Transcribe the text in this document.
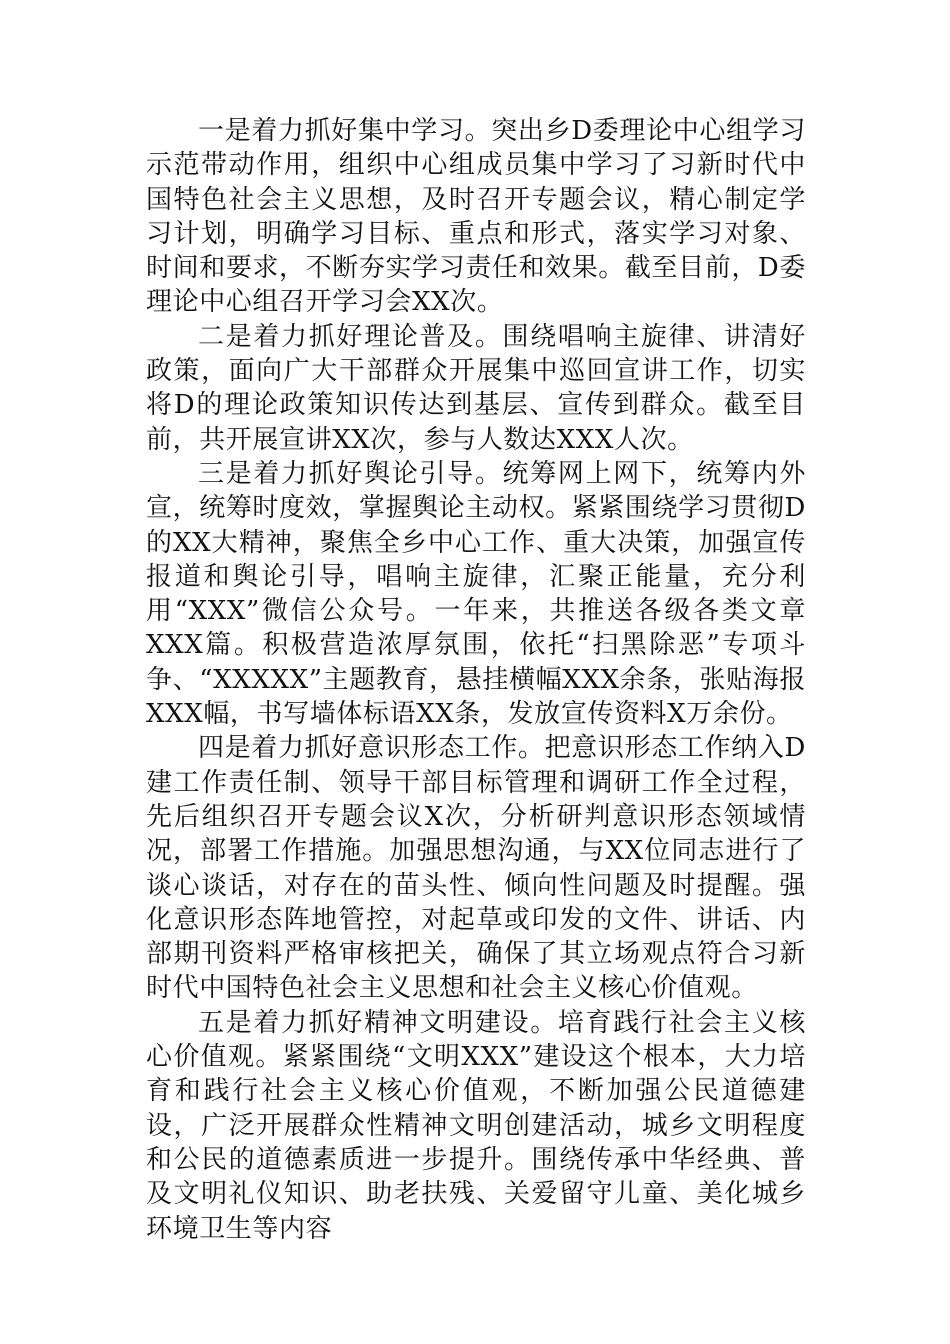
一是着力抓好集中学习。突出乡D委理论中心组学习示范带动作用，组织中心组成员集中学习了习新时代中国特色社会主义思想，及时召开专题会议，精心制定学习计划，明确学习目标、重点和形式，落实学习对象、时间和要求，不断夯实学习责任和效果。截至目前，D委理论中心组召开学习会XX次。

二是着力抓好理论普及。围绕唱响主旋律、讲清好政策，面向广大干部群众开展集中巡回宣讲工作，切实将D的理论政策知识传达到基层、宣传到群众。截至目前，共开展宣讲XX次，参与人数达XXX人次。

三是着力抓好舆论引导。统筹网上网下，统筹内外宣，统筹时度效，掌握舆论主动权。紧紧围绕学习贯彻D的XX大精神，聚焦全乡中心工作、重大决策，加强宣传报道和舆论引导，唱响主旋律，汇聚正能量，充分利用“XXX”微信公众号。一年来，共推送各级各类文章XXX篇。积极营造浓厚氛围，依托“扫黑除恶”专项斗争、“XXXXX”主题教育，悬挂横幅XXX余条，张贴海报XXX幅，书写墙体标语XX条，发放宣传资料X万余份。

四是着力抓好意识形态工作。把意识形态工作纳入D建工作责任制、领导干部目标管理和调研工作全过程，先后组织召开专题会议X次，分析研判意识形态领域情况，部署工作措施。加强思想沟通，与XX位同志进行了谈心谈话，对存在的苗头性、倾向性问题及时提醒。强化意识形态阵地管控，对起草或印发的文件、讲话、内部期刊资料严格审核把关，确保了其立场观点符合习新时代中国特色社会主义思想和社会主义核心价值观。

五是着力抓好精神文明建设。培育践行社会主义核心价值观。紧紧围绕“文明XXX”建设这个根本，大力培育和践行社会主义核心价值观，不断加强公民道德建设，广泛开展群众性精神文明创建活动，城乡文明程度和公民的道德素质进一步提升。围绕传承中华经典、普及文明礼仪知识、助老扶残、关爱留守儿童、美化城乡环境卫生等内容
